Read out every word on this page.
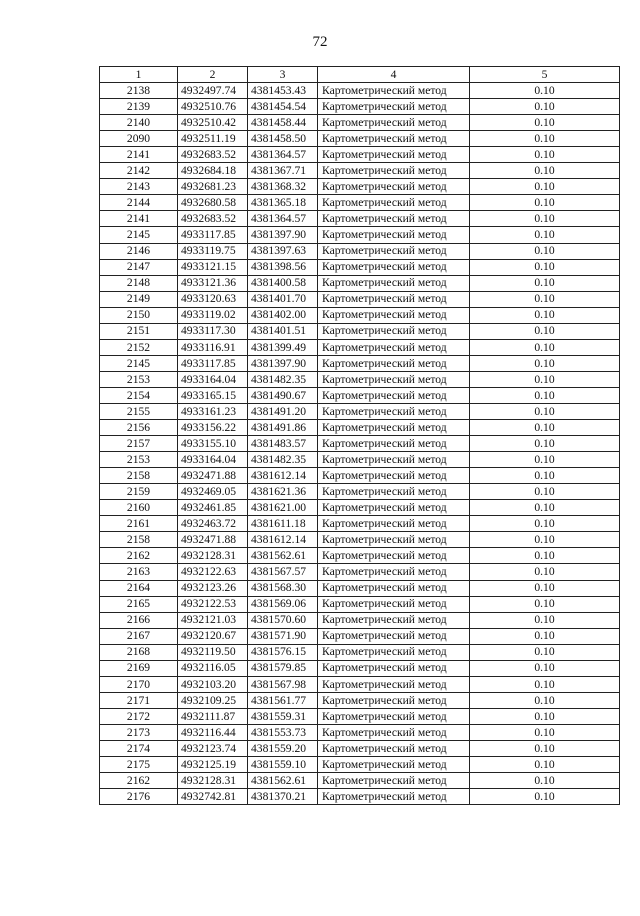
72
1	2	3	4	5
2138	4932497.74	4381453.43	Картометрический метод	0.10
2139	4932510.76	4381454.54	Картометрический метод	0.10
2140	4932510.42	4381458.44	Картометрический метод	0.10
2090	4932511.19	4381458.50	Картометрический метод	0.10
2141	4932683.52	4381364.57	Картометрический метод	0.10
2142	4932684.18	4381367.71	Картометрический метод	0.10
2143	4932681.23	4381368.32	Картометрический метод	0.10
2144	4932680.58	4381365.18	Картометрический метод	0.10
2141	4932683.52	4381364.57	Картометрический метод	0.10
2145	4933117.85	4381397.90	Картометрический метод	0.10
2146	4933119.75	4381397.63	Картометрический метод	0.10
2147	4933121.15	4381398.56	Картометрический метод	0.10
2148	4933121.36	4381400.58	Картометрический метод	0.10
2149	4933120.63	4381401.70	Картометрический метод	0.10
2150	4933119.02	4381402.00	Картометрический метод	0.10
2151	4933117.30	4381401.51	Картометрический метод	0.10
2152	4933116.91	4381399.49	Картометрический метод	0.10
2145	4933117.85	4381397.90	Картометрический метод	0.10
2153	4933164.04	4381482.35	Картометрический метод	0.10
2154	4933165.15	4381490.67	Картометрический метод	0.10
2155	4933161.23	4381491.20	Картометрический метод	0.10
2156	4933156.22	4381491.86	Картометрический метод	0.10
2157	4933155.10	4381483.57	Картометрический метод	0.10
2153	4933164.04	4381482.35	Картометрический метод	0.10
2158	4932471.88	4381612.14	Картометрический метод	0.10
2159	4932469.05	4381621.36	Картометрический метод	0.10
2160	4932461.85	4381621.00	Картометрический метод	0.10
2161	4932463.72	4381611.18	Картометрический метод	0.10
2158	4932471.88	4381612.14	Картометрический метод	0.10
2162	4932128.31	4381562.61	Картометрический метод	0.10
2163	4932122.63	4381567.57	Картометрический метод	0.10
2164	4932123.26	4381568.30	Картометрический метод	0.10
2165	4932122.53	4381569.06	Картометрический метод	0.10
2166	4932121.03	4381570.60	Картометрический метод	0.10
2167	4932120.67	4381571.90	Картометрический метод	0.10
2168	4932119.50	4381576.15	Картометрический метод	0.10
2169	4932116.05	4381579.85	Картометрический метод	0.10
2170	4932103.20	4381567.98	Картометрический метод	0.10
2171	4932109.25	4381561.77	Картометрический метод	0.10
2172	4932111.87	4381559.31	Картометрический метод	0.10
2173	4932116.44	4381553.73	Картометрический метод	0.10
2174	4932123.74	4381559.20	Картометрический метод	0.10
2175	4932125.19	4381559.10	Картометрический метод	0.10
2162	4932128.31	4381562.61	Картометрический метод	0.10
2176	4932742.81	4381370.21	Картометрический метод	0.10
